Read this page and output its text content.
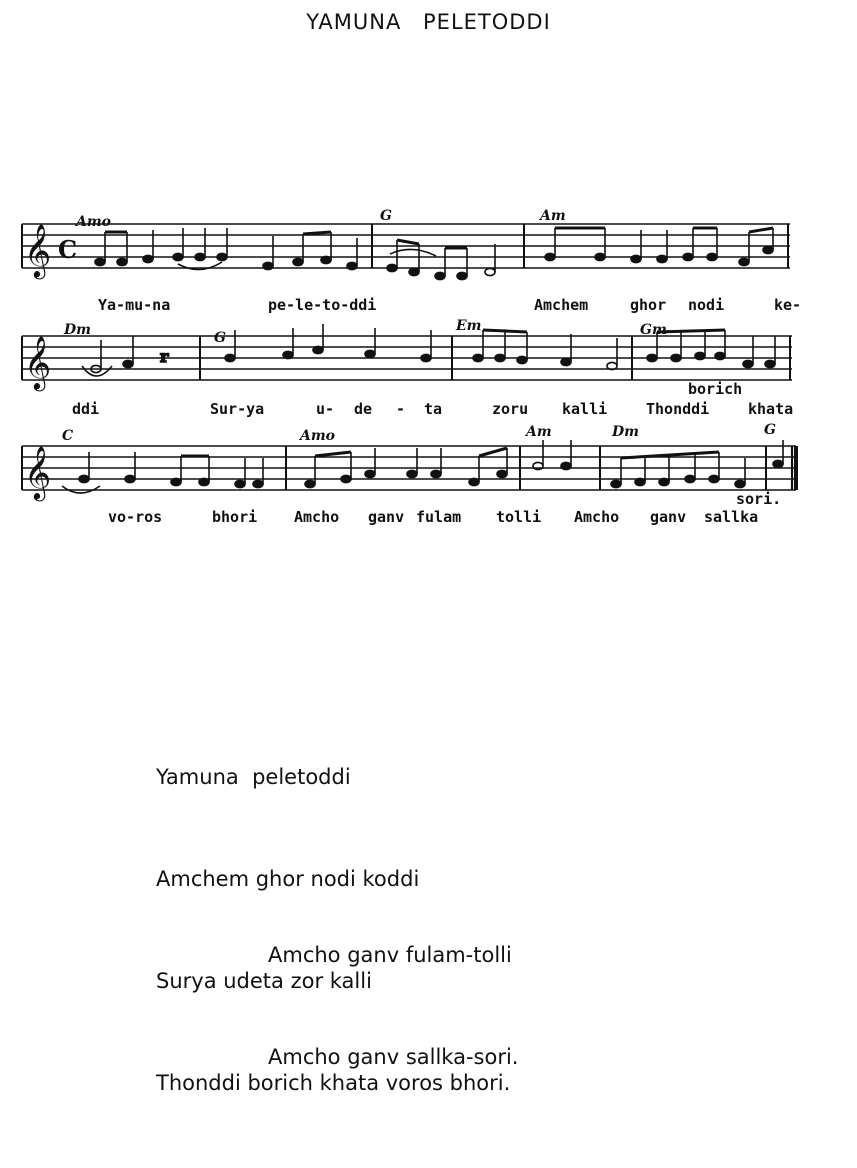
YAMUNA PELETODDI
𝄞 C
Amo	G	Am
Ya-mu-na	pe-le-to-ddi	Amchem	ghor nodi	ke-
𝄞	r
Dm	G
Em	Gm
ddi	Sur-ya	u- de - ta	zoru kalli	Thonddi	khata
borich
𝄞
C	Amo	Am	Dm	G
vo-ros	bhori Amcho ganv fulam tolli Amcho ganv sallka
sori.

Yamuna  peletoddi

Amchem ghor nodi koddi

Surya udeta zor kalli

Thonddi borich khata voros bhori.

Amcho ganv fulam-tolli

Amcho ganv sallka-sori.
